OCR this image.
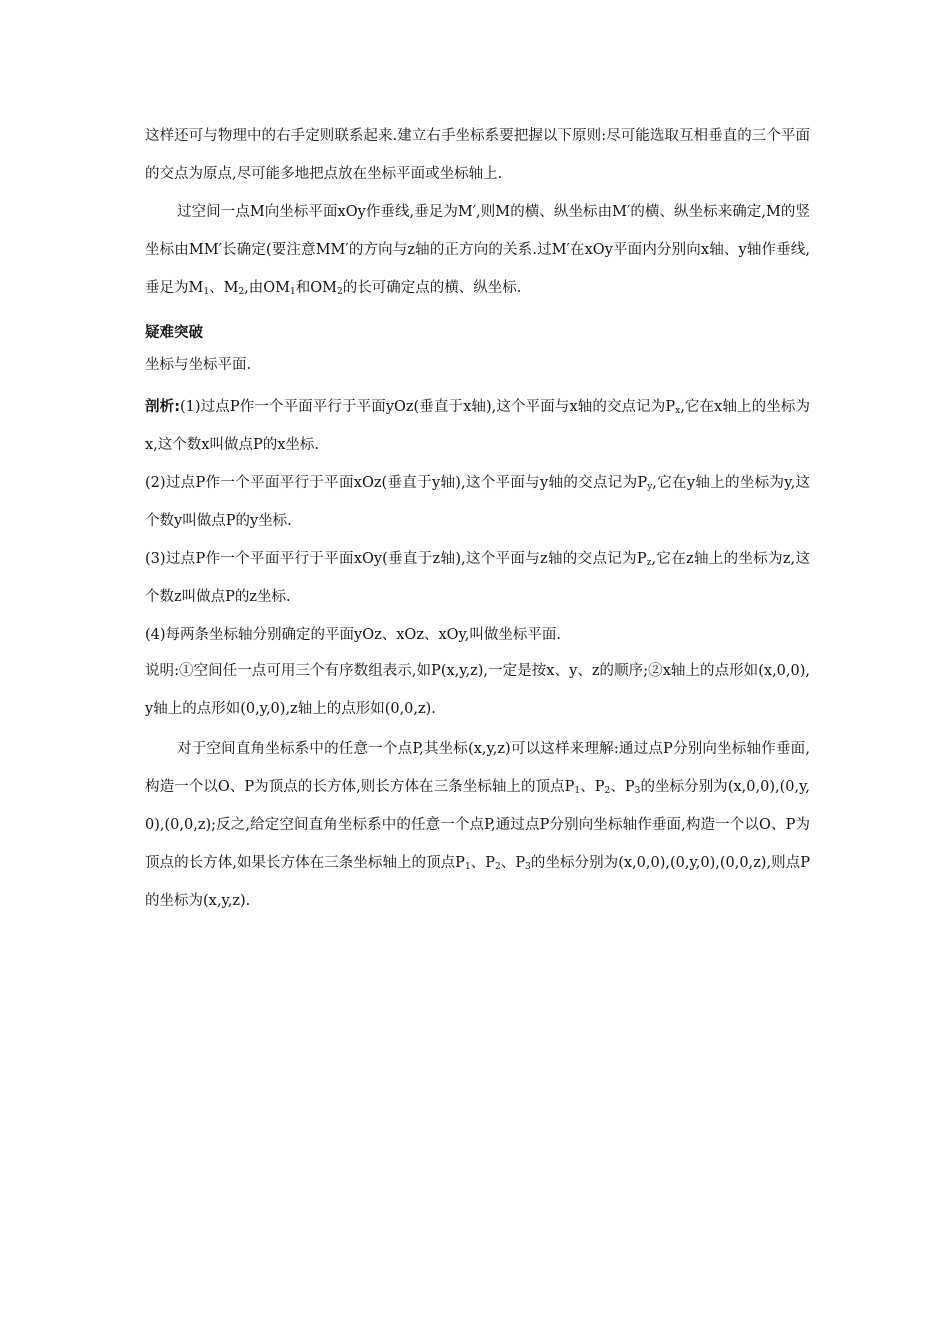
这样还可与物理中的右手定则联系起来.建立右手坐标系要把握以下原则:尽可能选取互相垂直的三个平面的交点为原点,尽可能多地把点放在坐标平面或坐标轴上.

过空间一点M向坐标平面xOy作垂线,垂足为M′,则M的横、纵坐标由M′的横、纵坐标来确定,M的竖坐标由MM′长确定(要注意MM′的方向与z轴的正方向的关系.过M′在xOy平面内分别向x轴、y轴作垂线,垂足为$M_1$、$M_2$,由$OM_1$和$OM_2$的长可确定点的横、纵坐标.

疑难突破
坐标与坐标平面.

剖析:(1)过点P作一个平面平行于平面yOz(垂直于x轴),这个平面与x轴的交点记为$P_x$,它在x轴上的坐标为x,这个数x叫做点P的x坐标.

(2)过点P作一个平面平行于平面xOz(垂直于y轴),这个平面与y轴的交点记为$P_y$,它在y轴上的坐标为y,这个数y叫做点P的y坐标.

(3)过点P作一个平面平行于平面xOy(垂直于z轴),这个平面与z轴的交点记为$P_z$,它在z轴上的坐标为z,这个数z叫做点P的z坐标.

(4)每两条坐标轴分别确定的平面yOz、xOz、xOy,叫做坐标平面.

说明:①空间任一点可用三个有序数组表示,如P(x,y,z),一定是按x、y、z的顺序;②x轴上的点形如(x,0,0),y轴上的点形如(0,y,0),z轴上的点形如(0,0,z).

对于空间直角坐标系中的任意一个点P,其坐标(x,y,z)可以这样来理解:通过点P分别向坐标轴作垂面,构造一个以O、P为顶点的长方体,则长方体在三条坐标轴上的顶点$P_1$、$P_2$、$P_3$的坐标分别为(x,0,0),(0,y,0),(0,0,z);反之,给定空间直角坐标系中的任意一个点P,通过点P分别向坐标轴作垂面,构造一个以O、P为顶点的长方体,如果长方体在三条坐标轴上的顶点$P_1$、$P_2$、$P_3$的坐标分别为(x,0,0),(0,y,0),(0,0,z),则点P的坐标为(x,y,z).
